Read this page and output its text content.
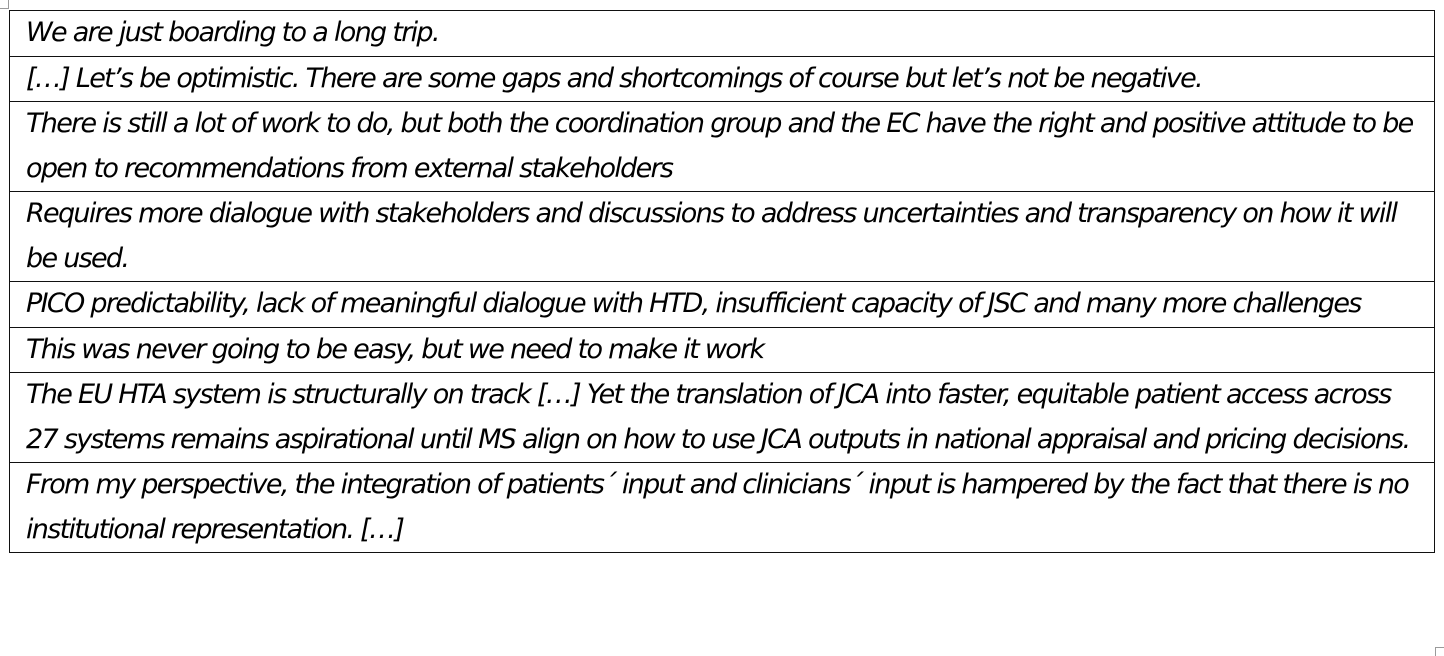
We are just boarding to a long trip.
[…] Let’s be optimistic. There are some gaps and shortcomings of course but let’s not be negative.
There is still a lot of work to do, but both the coordination group and the EC have the right and positive attitude to be open to recommendations from external stakeholders
Requires more dialogue with stakeholders and discussions to address uncertainties and transparency on how it will be used.
PICO predictability, lack of meaningful dialogue with HTD, insufficient capacity of JSC and many more challenges
This was never going to be easy, but we need to make it work
The EU HTA system is structurally on track […] Yet the translation of JCA into faster, equitable patient access across 27 systems remains aspirational until MS align on how to use JCA outputs in national appraisal and pricing decisions.
From my perspective, the integration of patients´ input and clinicians´ input is hampered by the fact that there is no institutional representation. […]
